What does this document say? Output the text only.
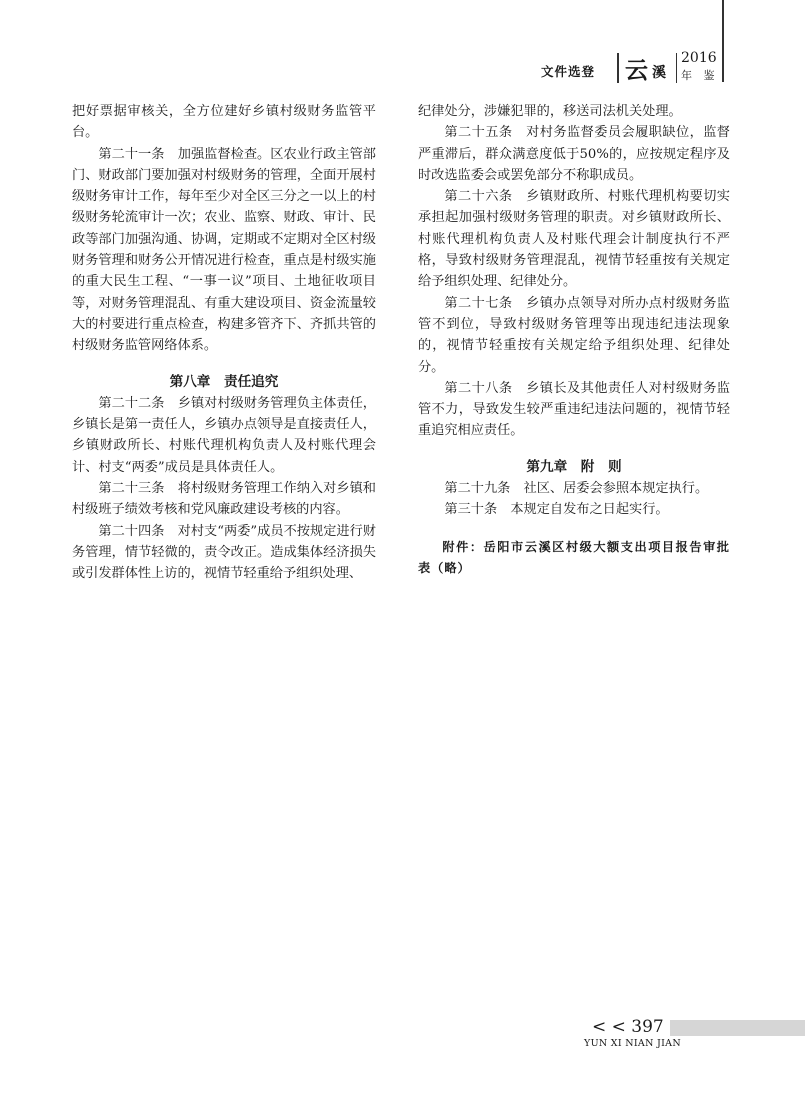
文件选登 云 溪
2016
年 鉴

把好票据审核关，全方位建好乡镇村级财务监管平台。

第二十一条　加强监督检查。区农业行政主管部门、财政部门要加强对村级财务的管理，全面开展村级财务审计工作，每年至少对全区三分之一以上的村级财务轮流审计一次；农业、监察、财政、审计、民政等部门加强沟通、协调，定期或不定期对全区村级财务管理和财务公开情况进行检查，重点是村级实施的重大民生工程、“一事一议”项目、土地征收项目等，对财务管理混乱、有重大建设项目、资金流量较大的村要进行重点检查，构建多管齐下、齐抓共管的村级财务监管网络体系。

第八章　责任追究

第二十二条　乡镇对村级财务管理负主体责任，乡镇长是第一责任人，乡镇办点领导是直接责任人，乡镇财政所长、村账代理机构负责人及村账代理会计、村支“两委”成员是具体责任人。

第二十三条　将村级财务管理工作纳入对乡镇和村级班子绩效考核和党风廉政建设考核的内容。

第二十四条　对村支“两委”成员不按规定进行财务管理，情节轻微的，责令改正。造成集体经济损失或引发群体性上访的，视情节轻重给予组织处理、

纪律处分，涉嫌犯罪的，移送司法机关处理。

第二十五条　对村务监督委员会履职缺位，监督严重滞后，群众满意度低于50%的，应按规定程序及时改选监委会或罢免部分不称职成员。

第二十六条　乡镇财政所、村账代理机构要切实承担起加强村级财务管理的职责。对乡镇财政所长、村账代理机构负责人及村账代理会计制度执行不严格，导致村级财务管理混乱，视情节轻重按有关规定给予组织处理、纪律处分。

第二十七条　乡镇办点领导对所办点村级财务监管不到位，导致村级财务管理等出现违纪违法现象的，视情节轻重按有关规定给予组织处理、纪律处分。

第二十八条　乡镇长及其他责任人对村级财务监管不力，导致发生较严重违纪违法问题的，视情节轻重追究相应责任。

第九章　附　则

第二十九条　社区、居委会参照本规定执行。

第三十条　本规定自发布之日起实行。

附件：岳阳市云溪区村级大额支出项目报告审批表（略）

< < 397
YUN XI NIAN JIAN
